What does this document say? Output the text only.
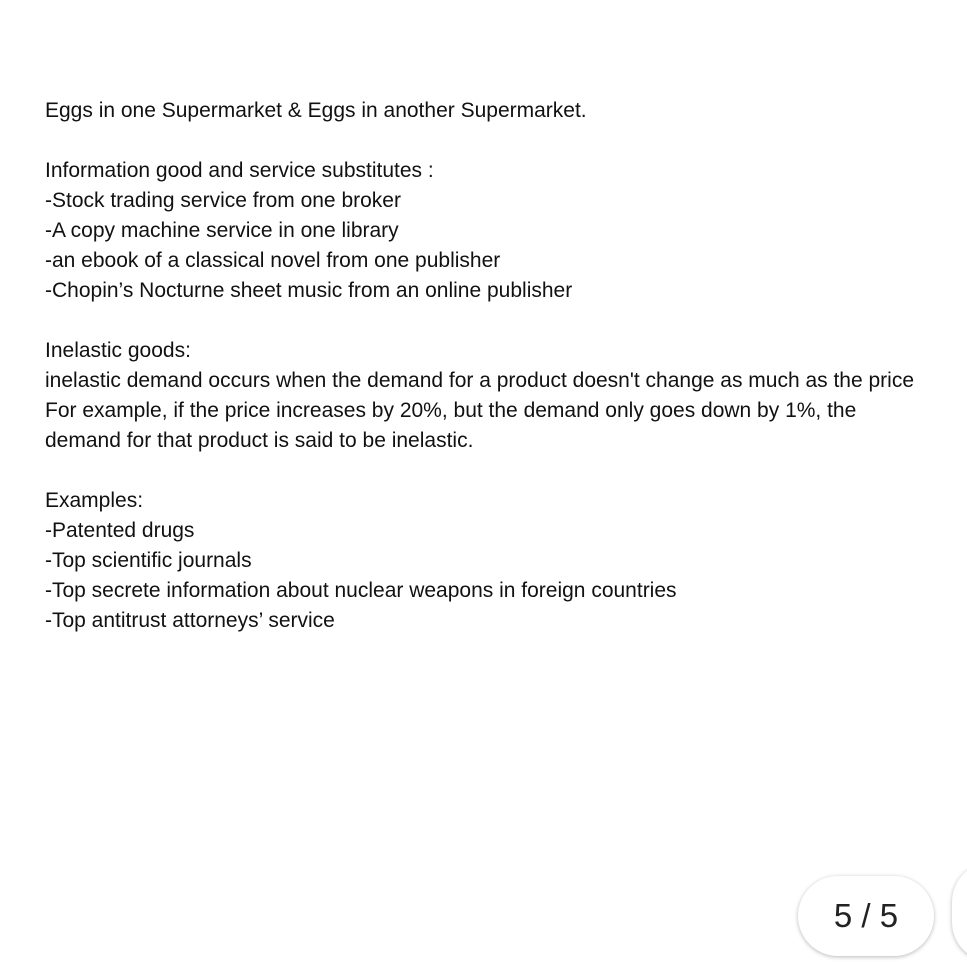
Eggs in one Supermarket & Eggs in another Supermarket.
Information good and service substitutes :
-Stock trading service from one broker
-A copy machine service in one library
-an ebook of a classical novel from one publisher
-Chopin’s Nocturne sheet music from an online publisher
Inelastic goods:
inelastic demand occurs when the demand for a product doesn't change as much as the price
For example, if the price increases by 20%, but the demand only goes down by 1%, the
demand for that product is said to be inelastic.
Examples:
-Patented drugs
-Top scientific journals
-Top secrete information about nuclear weapons in foreign countries
-Top antitrust attorneys’ service
5 / 5
